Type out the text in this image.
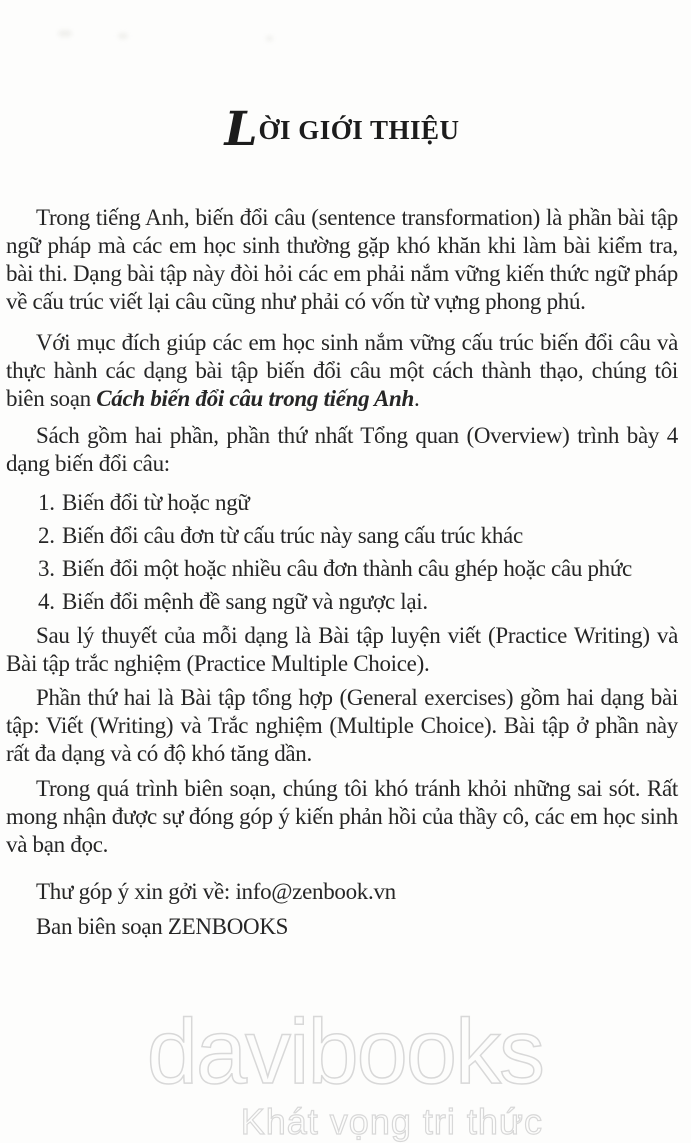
LỜI GIỚI THIỆU

Trong tiếng Anh, biến đổi câu (sentence transformation) là phần bài tập ngữ pháp mà các em học sinh thường gặp khó khăn khi làm bài kiểm tra, bài thi. Dạng bài tập này đòi hỏi các em phải nắm vững kiến thức ngữ pháp về cấu trúc viết lại câu cũng như phải có vốn từ vựng phong phú.

Với mục đích giúp các em học sinh nắm vững cấu trúc biến đổi câu và thực hành các dạng bài tập biến đổi câu một cách thành thạo, chúng tôi biên soạn Cách biến đổi câu trong tiếng Anh.

Sách gồm hai phần, phần thứ nhất Tổng quan (Overview) trình bày 4 dạng biến đổi câu:

1. Biến đổi từ hoặc ngữ
2. Biến đổi câu đơn từ cấu trúc này sang cấu trúc khác
3. Biến đổi một hoặc nhiều câu đơn thành câu ghép hoặc câu phức
4. Biến đổi mệnh đề sang ngữ và ngược lại.

Sau lý thuyết của mỗi dạng là Bài tập luyện viết (Practice Writing) và Bài tập trắc nghiệm (Practice Multiple Choice).

Phần thứ hai là Bài tập tổng hợp (General exercises) gồm hai dạng bài tập: Viết (Writing) và Trắc nghiệm (Multiple Choice). Bài tập ở phần này rất đa dạng và có độ khó tăng dần.

Trong quá trình biên soạn, chúng tôi khó tránh khỏi những sai sót. Rất mong nhận được sự đóng góp ý kiến phản hồi của thầy cô, các em học sinh và bạn đọc.

Thư góp ý xin gởi về: info@zenbook.vn

Ban biên soạn ZENBOOKS

davibooks
Khát vọng tri thức
